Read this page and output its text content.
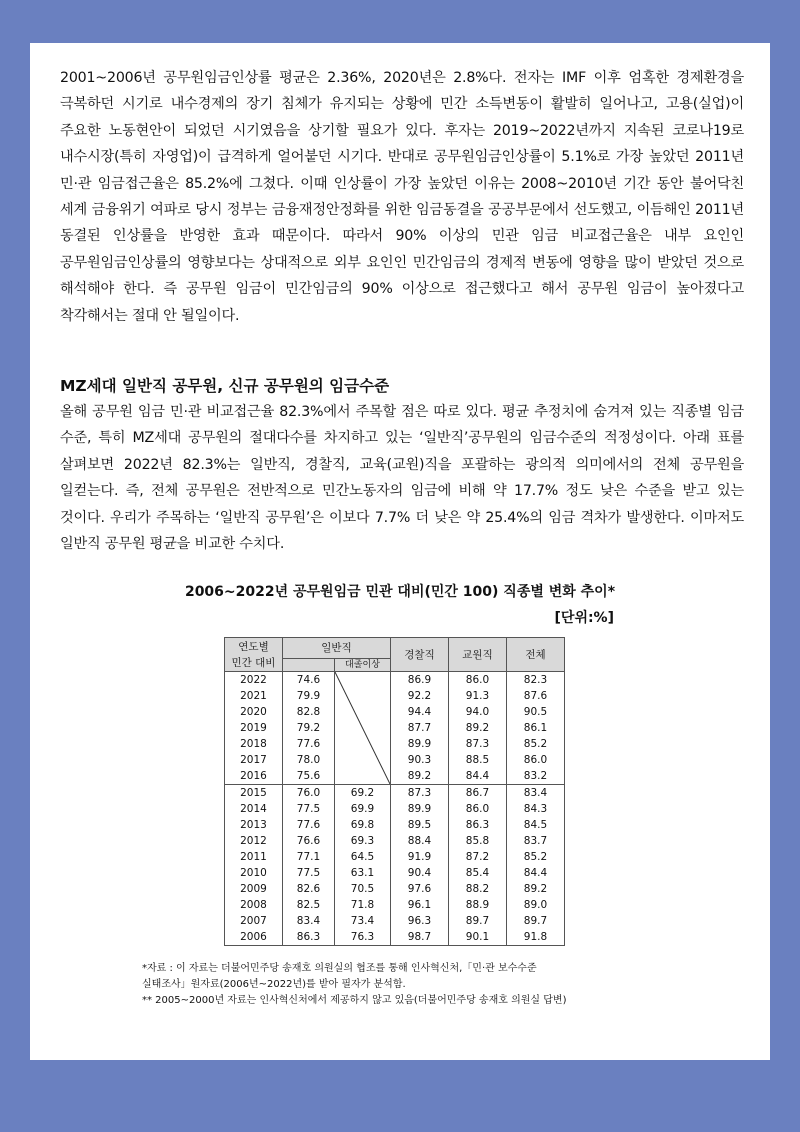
2001~2006년 공무원임금인상률 평균은 2.36%, 2020년은 2.8%다. 전자는 IMF 이후 엄혹한 경제환경을 극복하던 시기로 내수경제의 장기 침체가 유지되는 상황에 민간 소득변동이 활발히 일어나고, 고용(실업)이 주요한 노동현안이 되었던 시기였음을 상기할 필요가 있다. 후자는 2019~2022년까지 지속된 코로나19로 내수시장(특히 자영업)이 급격하게 얼어붙던 시기다. 반대로 공무원임금인상률이 5.1%로 가장 높았던 2011년 민·관 임금접근율은 85.2%에 그쳤다. 이때 인상률이 가장 높았던 이유는 2008~2010년 기간 동안 불어닥친 세계 금융위기 여파로 당시 정부는 금융재정안정화를 위한 임금동결을 공공부문에서 선도했고, 이듬해인 2011년 동결된 인상률을 반영한 효과 때문이다. 따라서 90% 이상의 민관 임금 비교접근율은 내부 요인인 공무원임금인상률의 영향보다는 상대적으로 외부 요인인 민간임금의 경제적 변동에 영향을 많이 받았던 것으로 해석해야 한다. 즉 공무원 임금이 민간임금의 90% 이상으로 접근했다고 해서 공무원 임금이 높아졌다고 착각해서는 절대 안 될일이다.

MZ세대 일반직 공무원, 신규 공무원의 임금수준

올해 공무원 임금 민·관 비교접근율 82.3%에서 주목할 점은 따로 있다. 평균 추정치에 숨겨져 있는 직종별 임금 수준, 특히 MZ세대 공무원의 절대다수를 차지하고 있는 ‘일반직’공무원의 임금수준의 적정성이다. 아래 표를 살펴보면 2022년 82.3%는 일반직, 경찰직, 교육(교원)직을 포괄하는 광의적 의미에서의 전체 공무원을 일컫는다. 즉, 전체 공무원은 전반적으로 민간노동자의 임금에 비해 약 17.7% 정도 낮은 수준을 받고 있는 것이다. 우리가 주목하는 ‘일반직 공무원’은 이보다 7.7% 더 낮은 약 25.4%의 임금 격차가 발생한다. 이마저도 일반직 공무원 평균을 비교한 수치다.

2006~2022년 공무원임금 민관 대비(민간 100) 직종별 변화 추이*

[단위:%]

연도별
민간 대비	일반직		경찰직	교원직	전체
		대졸이상			
2022	74.6		86.9	86.0	82.3
2021	79.9		92.2	91.3	87.6
2020	82.8		94.4	94.0	90.5
2019	79.2		87.7	89.2	86.1
2018	77.6		89.9	87.3	85.2
2017	78.0		90.3	88.5	86.0
2016	75.6		89.2	84.4	83.2
2015	76.0	69.2	87.3	86.7	83.4
2014	77.5	69.9	89.9	86.0	84.3
2013	77.6	69.8	89.5	86.3	84.5
2012	76.6	69.3	88.4	85.8	83.7
2011	77.1	64.5	91.9	87.2	85.2
2010	77.5	63.1	90.4	85.4	84.4
2009	82.6	70.5	97.6	88.2	89.2
2008	82.5	71.8	96.1	88.9	89.0
2007	83.4	73.4	96.3	89.7	89.7
2006	86.3	76.3	98.7	90.1	91.8

*자료 : 이 자료는 더불어민주당 송재호 의원실의 협조를 통해 인사혁신처,「민·관 보수수준

실태조사」원자료(2006년~2022년)를 받아 필자가 분석함.

** 2005~2000년 자료는 인사혁신처에서 제공하지 않고 있음(더불어민주당 송재호 의원실 답변)
